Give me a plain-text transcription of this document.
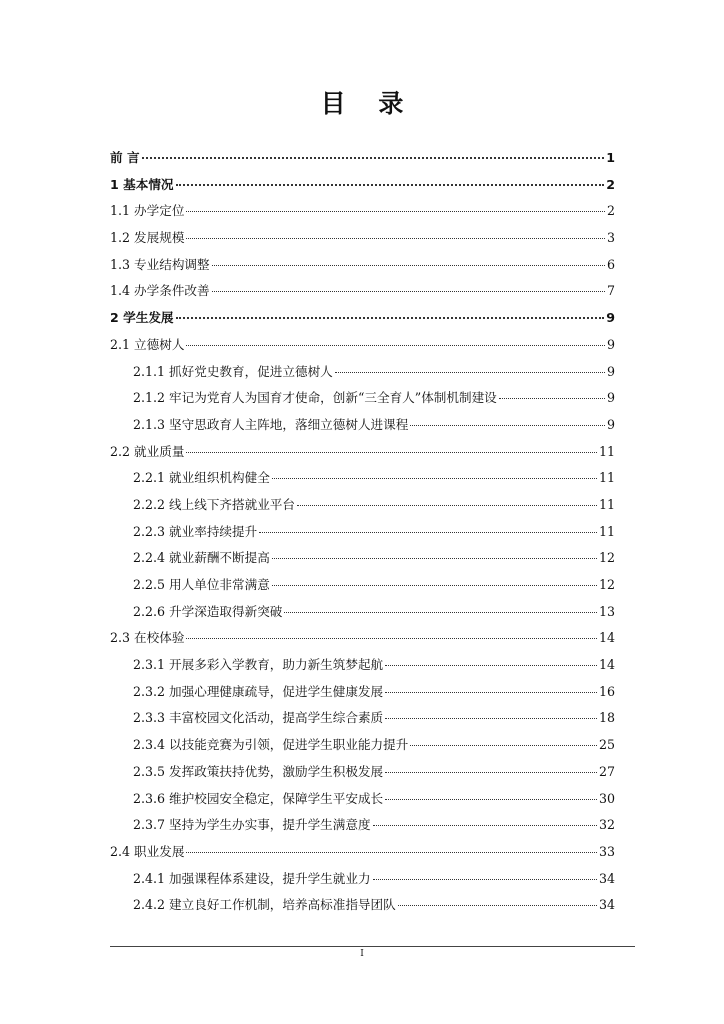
目 录
前 言	1
1 基本情况	2
1.1 办学定位	2
1.2 发展规模	3
1.3 专业结构调整	6
1.4 办学条件改善	7
2 学生发展	9
2.1 立德树人	9
2.1.1 抓好党史教育，促进立德树人	9
2.1.2 牢记为党育人为国育才使命，创新“三全育人”体制机制建设	9
2.1.3 坚守思政育人主阵地，落细立德树人进课程	9
2.2 就业质量	11
2.2.1 就业组织机构健全	11
2.2.2 线上线下齐搭就业平台	11
2.2.3 就业率持续提升	11
2.2.4 就业薪酬不断提高	12
2.2.5 用人单位非常满意	12
2.2.6 升学深造取得新突破	13
2.3 在校体验	14
2.3.1 开展多彩入学教育，助力新生筑梦起航	14
2.3.2 加强心理健康疏导，促进学生健康发展	16
2.3.3 丰富校园文化活动，提高学生综合素质	18
2.3.4 以技能竞赛为引领，促进学生职业能力提升	25
2.3.5 发挥政策扶持优势，激励学生积极发展	27
2.3.6 维护校园安全稳定，保障学生平安成长	30
2.3.7 坚持为学生办实事，提升学生满意度	32
2.4 职业发展	33
2.4.1 加强课程体系建设，提升学生就业力	34
2.4.2 建立良好工作机制，培养高标准指导团队	34
I
